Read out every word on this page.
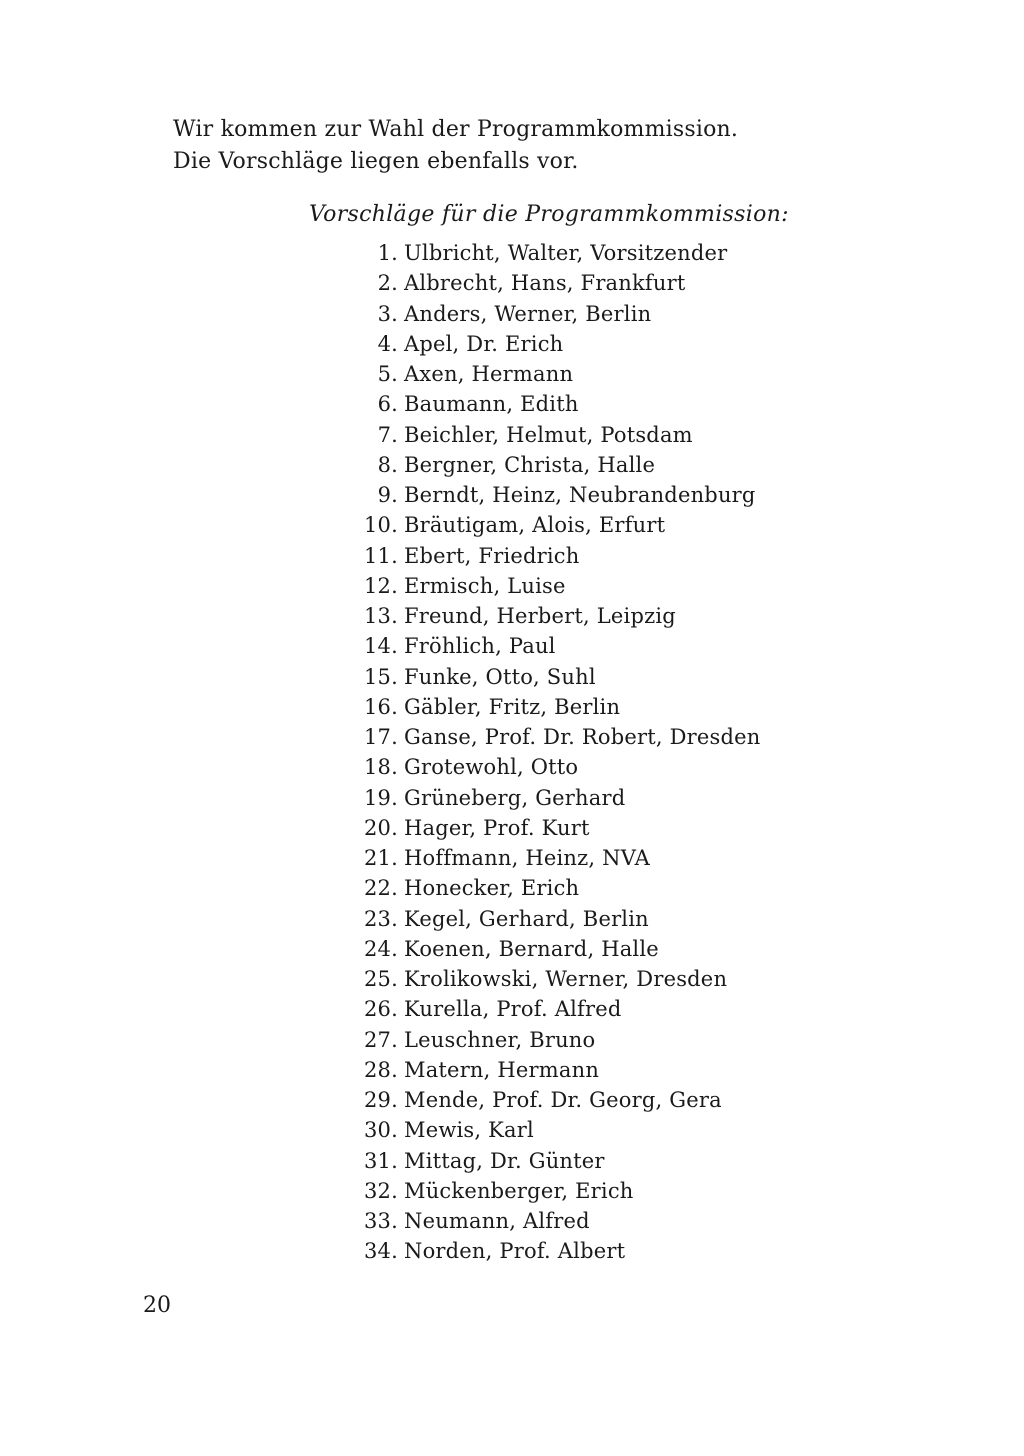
Wir kommen zur Wahl der Programmkommission.

Die Vorschläge liegen ebenfalls vor.

Vorschläge für die Programmkommission:
1. Ulbricht, Walter, Vorsitzender
2. Albrecht, Hans, Frankfurt
3. Anders, Werner, Berlin
4. Apel, Dr. Erich
5. Axen, Hermann
6. Baumann, Edith
7. Beichler, Helmut, Potsdam
8. Bergner, Christa, Halle
9. Berndt, Heinz, Neubrandenburg
10. Bräutigam, Alois, Erfurt
11. Ebert, Friedrich
12. Ermisch, Luise
13. Freund, Herbert, Leipzig
14. Fröhlich, Paul
15. Funke, Otto, Suhl
16. Gäbler, Fritz, Berlin
17. Ganse, Prof. Dr. Robert, Dresden
18. Grotewohl, Otto
19. Grüneberg, Gerhard
20. Hager, Prof. Kurt
21. Hoffmann, Heinz, NVA
22. Honecker, Erich
23. Kegel, Gerhard, Berlin
24. Koenen, Bernard, Halle
25. Krolikowski, Werner, Dresden
26. Kurella, Prof. Alfred
27. Leuschner, Bruno
28. Matern, Hermann
29. Mende, Prof. Dr. Georg, Gera
30. Mewis, Karl
31. Mittag, Dr. Günter
32. Mückenberger, Erich
33. Neumann, Alfred
34. Norden, Prof. Albert
20
